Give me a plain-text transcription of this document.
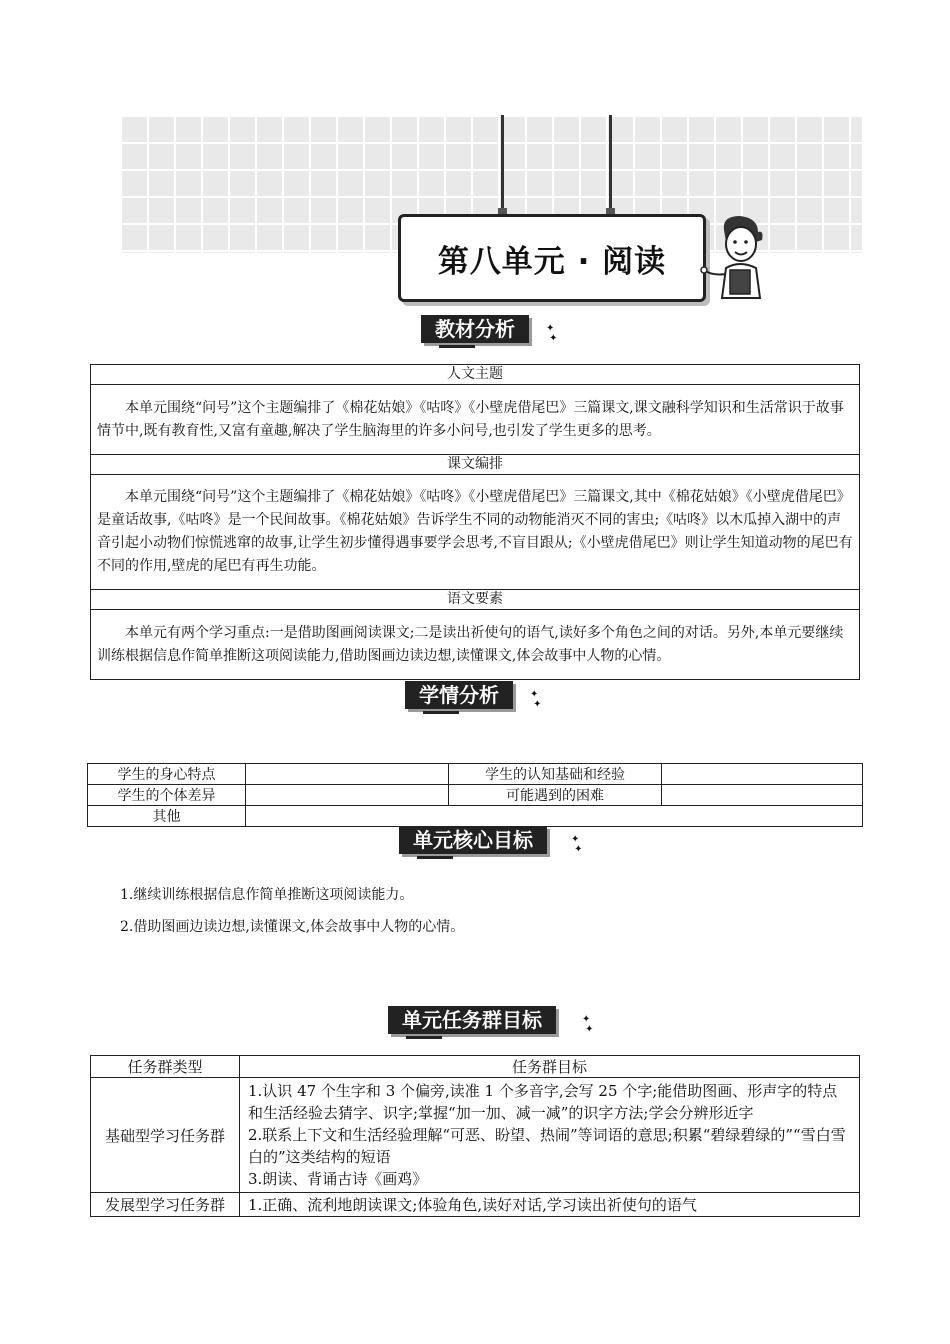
第八单元 · 阅读
教材分析	✦
✦
人文主题
本单元围绕“问号”这个主题编排了《棉花姑娘》《咕咚》《小壁虎借尾巴》三篇课文,课文融科学知识和生活常识于故事情节中,既有教育性,又富有童趣,解决了学生脑海里的许多小问号,也引发了学生更多的思考。
课文编排
本单元围绕“问号”这个主题编排了《棉花姑娘》《咕咚》《小壁虎借尾巴》三篇课文,其中《棉花姑娘》《小壁虎借尾巴》是童话故事,《咕咚》是一个民间故事。《棉花姑娘》告诉学生不同的动物能消灭不同的害虫;《咕咚》以木瓜掉入湖中的声音引起小动物们惊慌逃窜的故事,让学生初步懂得遇事要学会思考,不盲目跟从;《小壁虎借尾巴》则让学生知道动物的尾巴有不同的作用,壁虎的尾巴有再生功能。
语文要素
本单元有两个学习重点:一是借助图画阅读课文;二是读出祈使句的语气,读好多个角色之间的对话。另外,本单元要继续训练根据信息作简单推断这项阅读能力,借助图画边读边想,读懂课文,体会故事中人物的心情。
学情分析	✦
✦
学生的身心特点		学生的认知基础和经验	
学生的个体差异		可能遇到的困难	
其他			
单元核心目标	✦
✦
1.继续训练根据信息作简单推断这项阅读能力。
2.借助图画边读边想,读懂课文,体会故事中人物的心情。
单元任务群目标	✦
✦
任务群类型	任务群目标
基础型学习任务群	1.认识 47 个生字和 3 个偏旁,读准 1 个多音字,会写 25 个字;能借助图画、形声字的特点和生活经验去猜字、识字;掌握“加一加、减一减”的识字方法;学会分辨形近字
2.联系上下文和生活经验理解“可恶、盼望、热闹”等词语的意思;积累“碧绿碧绿的”“雪白雪白的”这类结构的短语
3.朗读、背诵古诗《画鸡》

发展型学习任务群	1.正确、流利地朗读课文;体验角色,读好对话,学习读出祈使句的语气
